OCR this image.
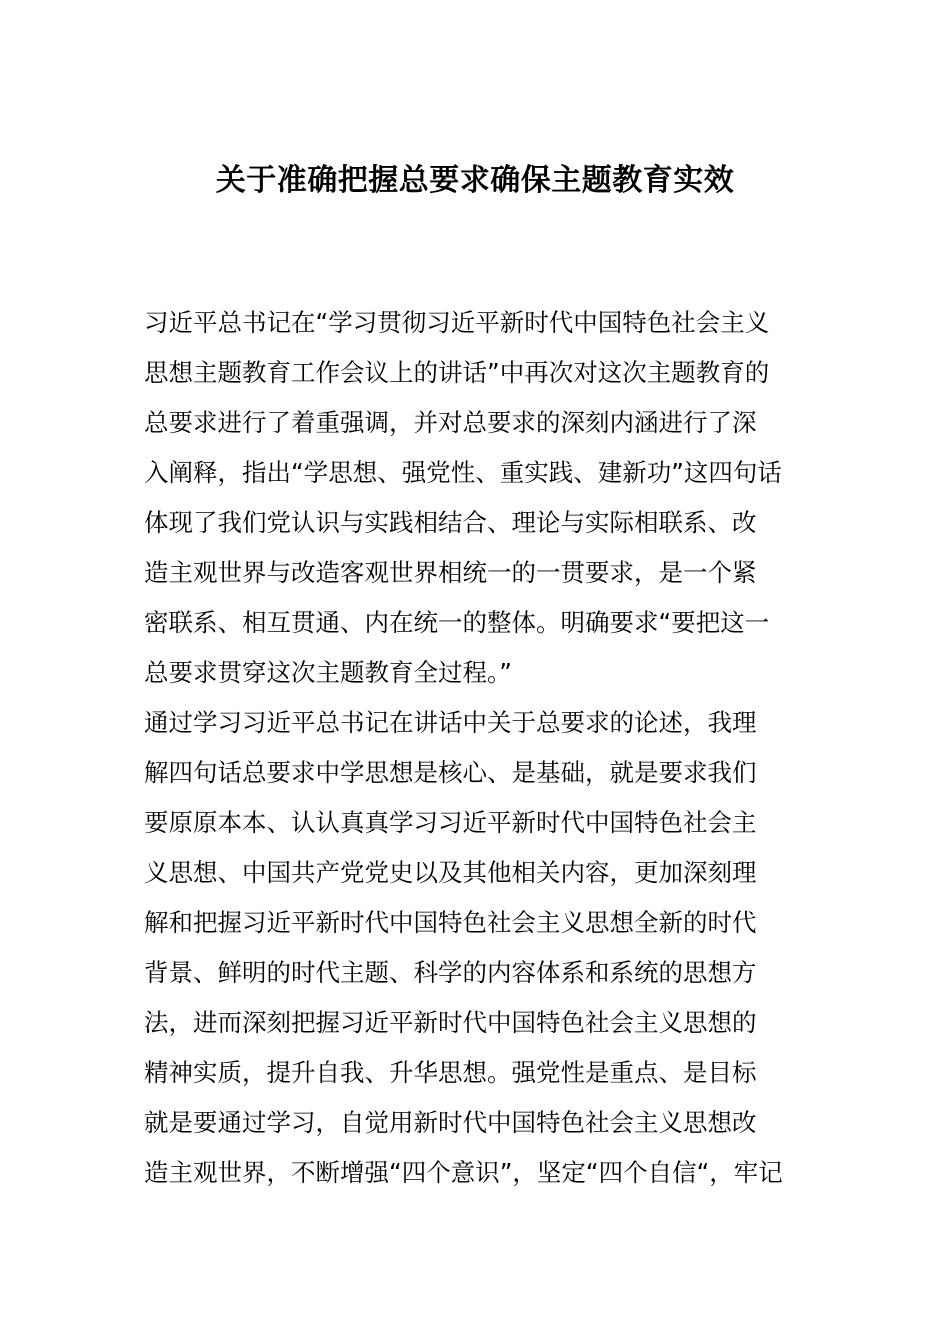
关于准确把握总要求确保主题教育实效
习近平总书记在“学习贯彻习近平新时代中国特色社会主义
思想主题教育工作会议上的讲话”中再次对这次主题教育的
总要求进行了着重强调，并对总要求的深刻内涵进行了深
入阐释，指出“学思想、强党性、重实践、建新功”这四句话
体现了我们党认识与实践相结合、理论与实际相联系、改
造主观世界与改造客观世界相统一的一贯要求，是一个紧
密联系、相互贯通、内在统一的整体。明确要求“要把这一
总要求贯穿这次主题教育全过程。”
通过学习习近平总书记在讲话中关于总要求的论述，我理
解四句话总要求中学思想是核心、是基础，就是要求我们
要原原本本、认认真真学习习近平新时代中国特色社会主
义思想、中国共产党党史以及其他相关内容，更加深刻理
解和把握习近平新时代中国特色社会主义思想全新的时代
背景、鲜明的时代主题、科学的内容体系和系统的思想方
法，进而深刻把握习近平新时代中国特色社会主义思想的
精神实质，提升自我、升华思想。强党性是重点、是目标
就是要通过学习，自觉用新时代中国特色社会主义思想改
造主观世界，不断增强“四个意识”，坚定“四个自信“，牢记
